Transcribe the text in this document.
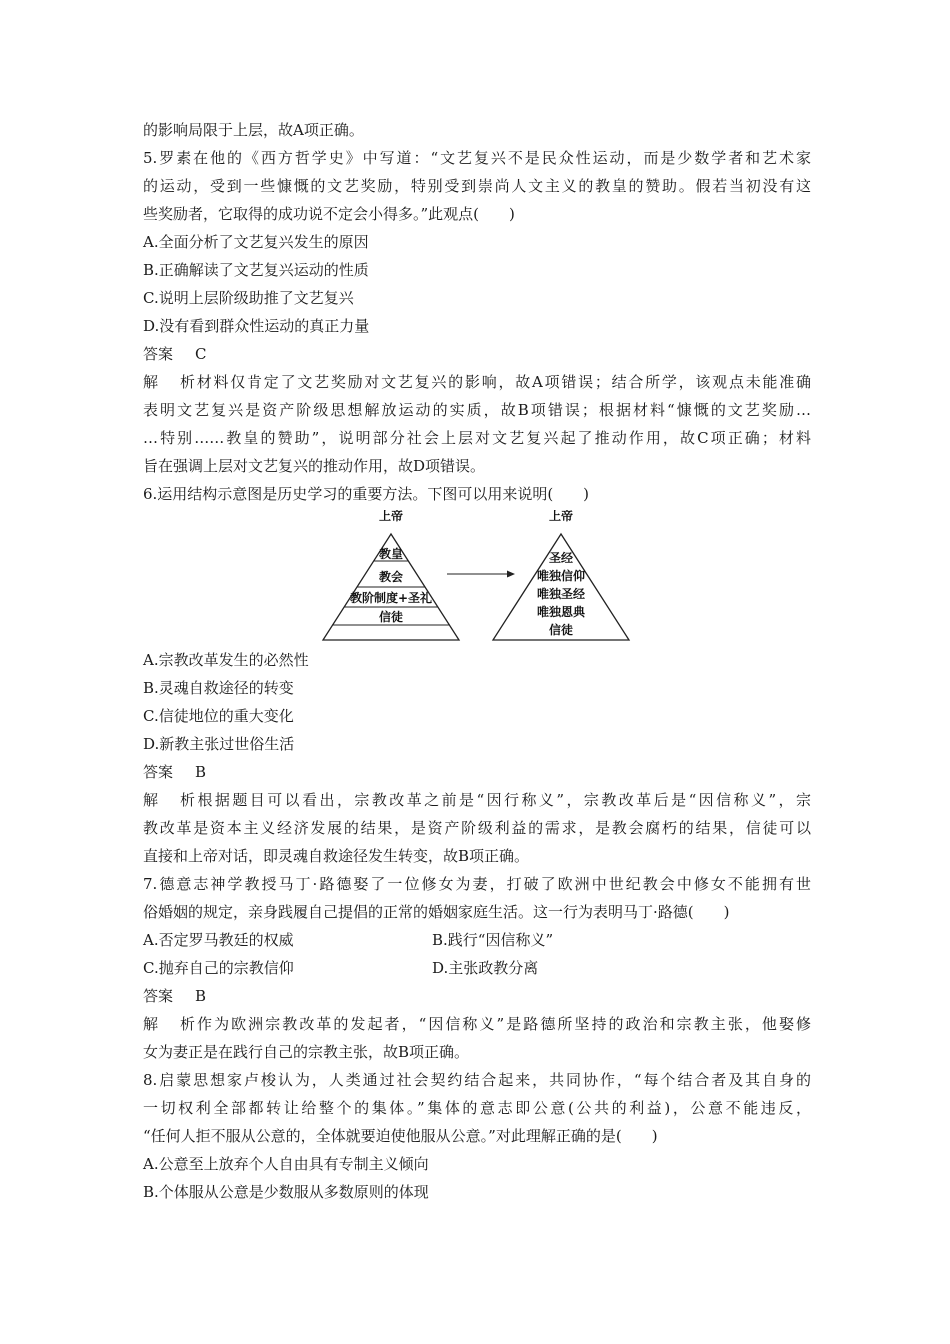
的影响局限于上层，故A项正确。
5.罗素在他的《西方哲学史》中写道：“文艺复兴不是民众性运动，而是少数学者和艺术家
的运动，受到一些慷慨的文艺奖励，特别受到崇尚人文主义的教皇的赞助。假若当初没有这
些奖励者，它取得的成功说不定会小得多。”此观点(　　)
A.全面分析了文艺复兴发生的原因
B.正确解读了文艺复兴运动的性质
C.说明上层阶级助推了文艺复兴
D.没有看到群众性运动的真正力量
答案 C
解析材料仅肯定了文艺奖励对文艺复兴的影响，故A项错误；结合所学，该观点未能准确
表明文艺复兴是资产阶级思想解放运动的实质，故B项错误；根据材料“慷慨的文艺奖励…
…特别……教皇的赞助”，说明部分社会上层对文艺复兴起了推动作用，故C项正确；材料
旨在强调上层对文艺复兴的推动作用，故D项错误。
6.运用结构示意图是历史学习的重要方法。下图可以用来说明(　　)
上帝
教皇
教会
教阶制度+圣礼
信徒
上帝
圣经
唯独信仰
唯独圣经
唯独恩典
信徒
A.宗教改革发生的必然性
B.灵魂自救途径的转变
C.信徒地位的重大变化
D.新教主张过世俗生活
答案 B
解析根据题目可以看出，宗教改革之前是“因行称义”，宗教改革后是“因信称义”，宗
教改革是资本主义经济发展的结果，是资产阶级利益的需求，是教会腐朽的结果，信徒可以
直接和上帝对话，即灵魂自救途径发生转变，故B项正确。
7.德意志神学教授马丁·路德娶了一位修女为妻，打破了欧洲中世纪教会中修女不能拥有世
俗婚姻的规定，亲身践履自己提倡的正常的婚姻家庭生活。这一行为表明马丁·路德(　　)
A.否定罗马教廷的权威	B.践行“因信称义”
C.抛弃自己的宗教信仰	D.主张政教分离
答案 B
解析作为欧洲宗教改革的发起者，“因信称义”是路德所坚持的政治和宗教主张，他娶修
女为妻正是在践行自己的宗教主张，故B项正确。
8.启蒙思想家卢梭认为，人类通过社会契约结合起来，共同协作，“每个结合者及其自身的
一切权利全部都转让给整个的集体。”集体的意志即公意(公共的利益)，公意不能违反，
“任何人拒不服从公意的，全体就要迫使他服从公意。”对此理解正确的是(　　)
A.公意至上放弃个人自由具有专制主义倾向
B.个体服从公意是少数服从多数原则的体现
